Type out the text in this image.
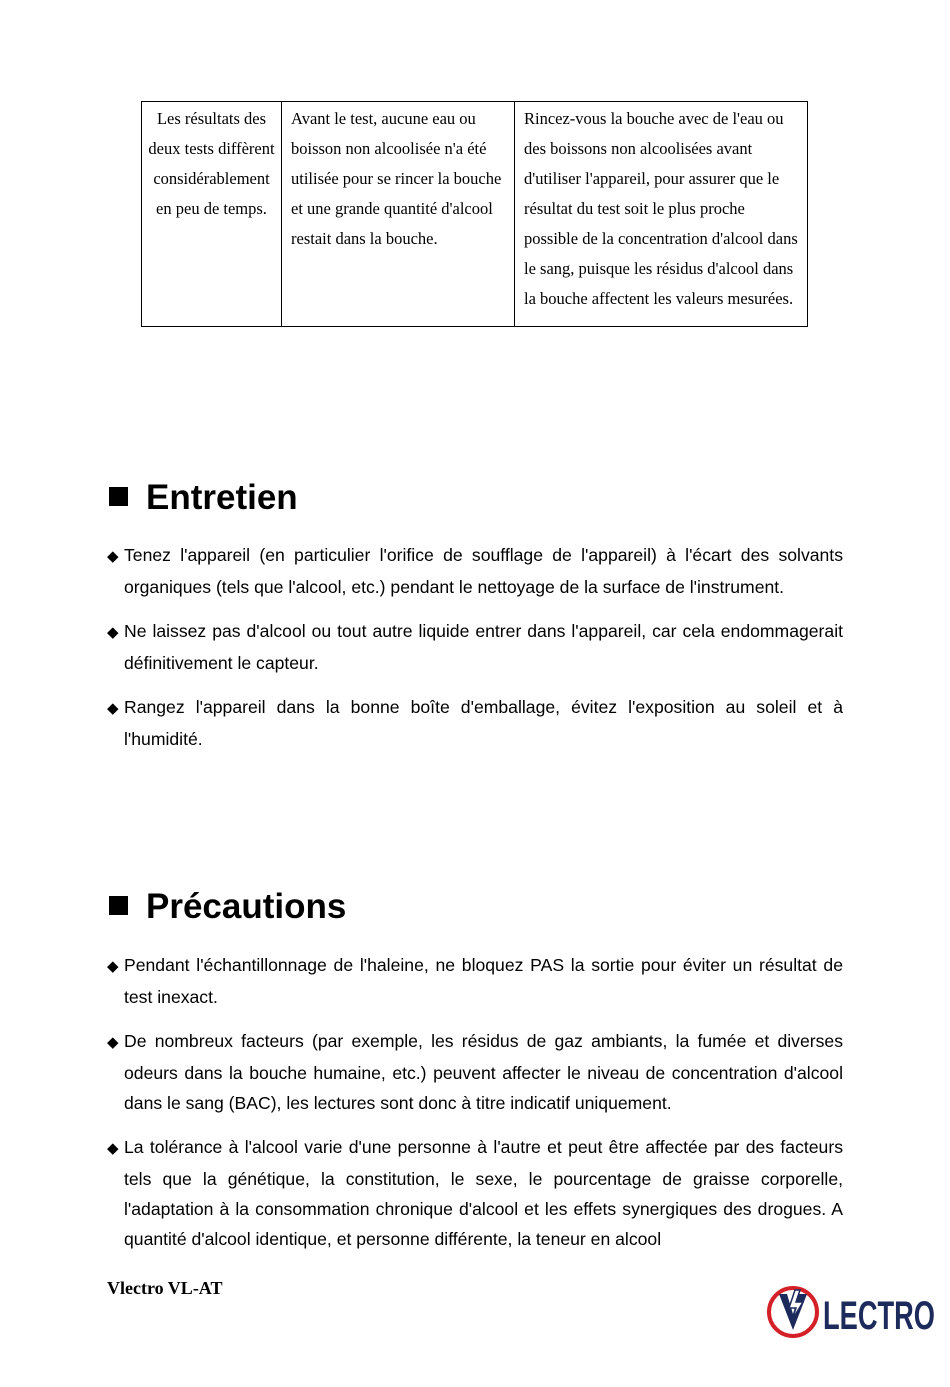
Les résultats des deux tests diffèrent considérablement en peu de temps.	Avant le test, aucune eau ou boisson non alcoolisée n'a été utilisée pour se rincer la bouche et une grande quantité d'alcool restait dans la bouche.	Rincez-vous la bouche avec de l'eau ou des boissons non alcoolisées avant d'utiliser l'appareil, pour assurer que le résultat du test soit le plus proche possible de la concentration d'alcool dans le sang, puisque les résidus d'alcool dans la bouche affectent les valeurs mesurées.
Entretien
◆ Tenez l'appareil (en particulier l'orifice de soufflage de l'appareil) à l'écart des solvants organiques (tels que l'alcool, etc.) pendant le nettoyage de la surface de l'instrument.
◆ Ne laissez pas d'alcool ou tout autre liquide entrer dans l'appareil, car cela endommagerait définitivement le capteur.
◆ Rangez l'appareil dans la bonne boîte d'emballage, évitez l'exposition au soleil et à l'humidité.
Précautions
◆ Pendant l'échantillonnage de l'haleine, ne bloquez PAS la sortie pour éviter un résultat de test inexact.
◆ De nombreux facteurs (par exemple, les résidus de gaz ambiants, la fumée et diverses odeurs dans la bouche humaine, etc.) peuvent affecter le niveau de concentration d'alcool dans le sang (BAC), les lectures sont donc à titre indicatif uniquement.
◆ La tolérance à l'alcool varie d'une personne à l'autre et peut être affectée par des facteurs tels que la génétique, la constitution, le sexe, le pourcentage de graisse corporelle, l'adaptation à la consommation chronique d'alcool et les effets synergiques des drogues. A quantité d'alcool identique, et personne différente, la teneur en alcool
Vlectro VL-AT
LECTRO
